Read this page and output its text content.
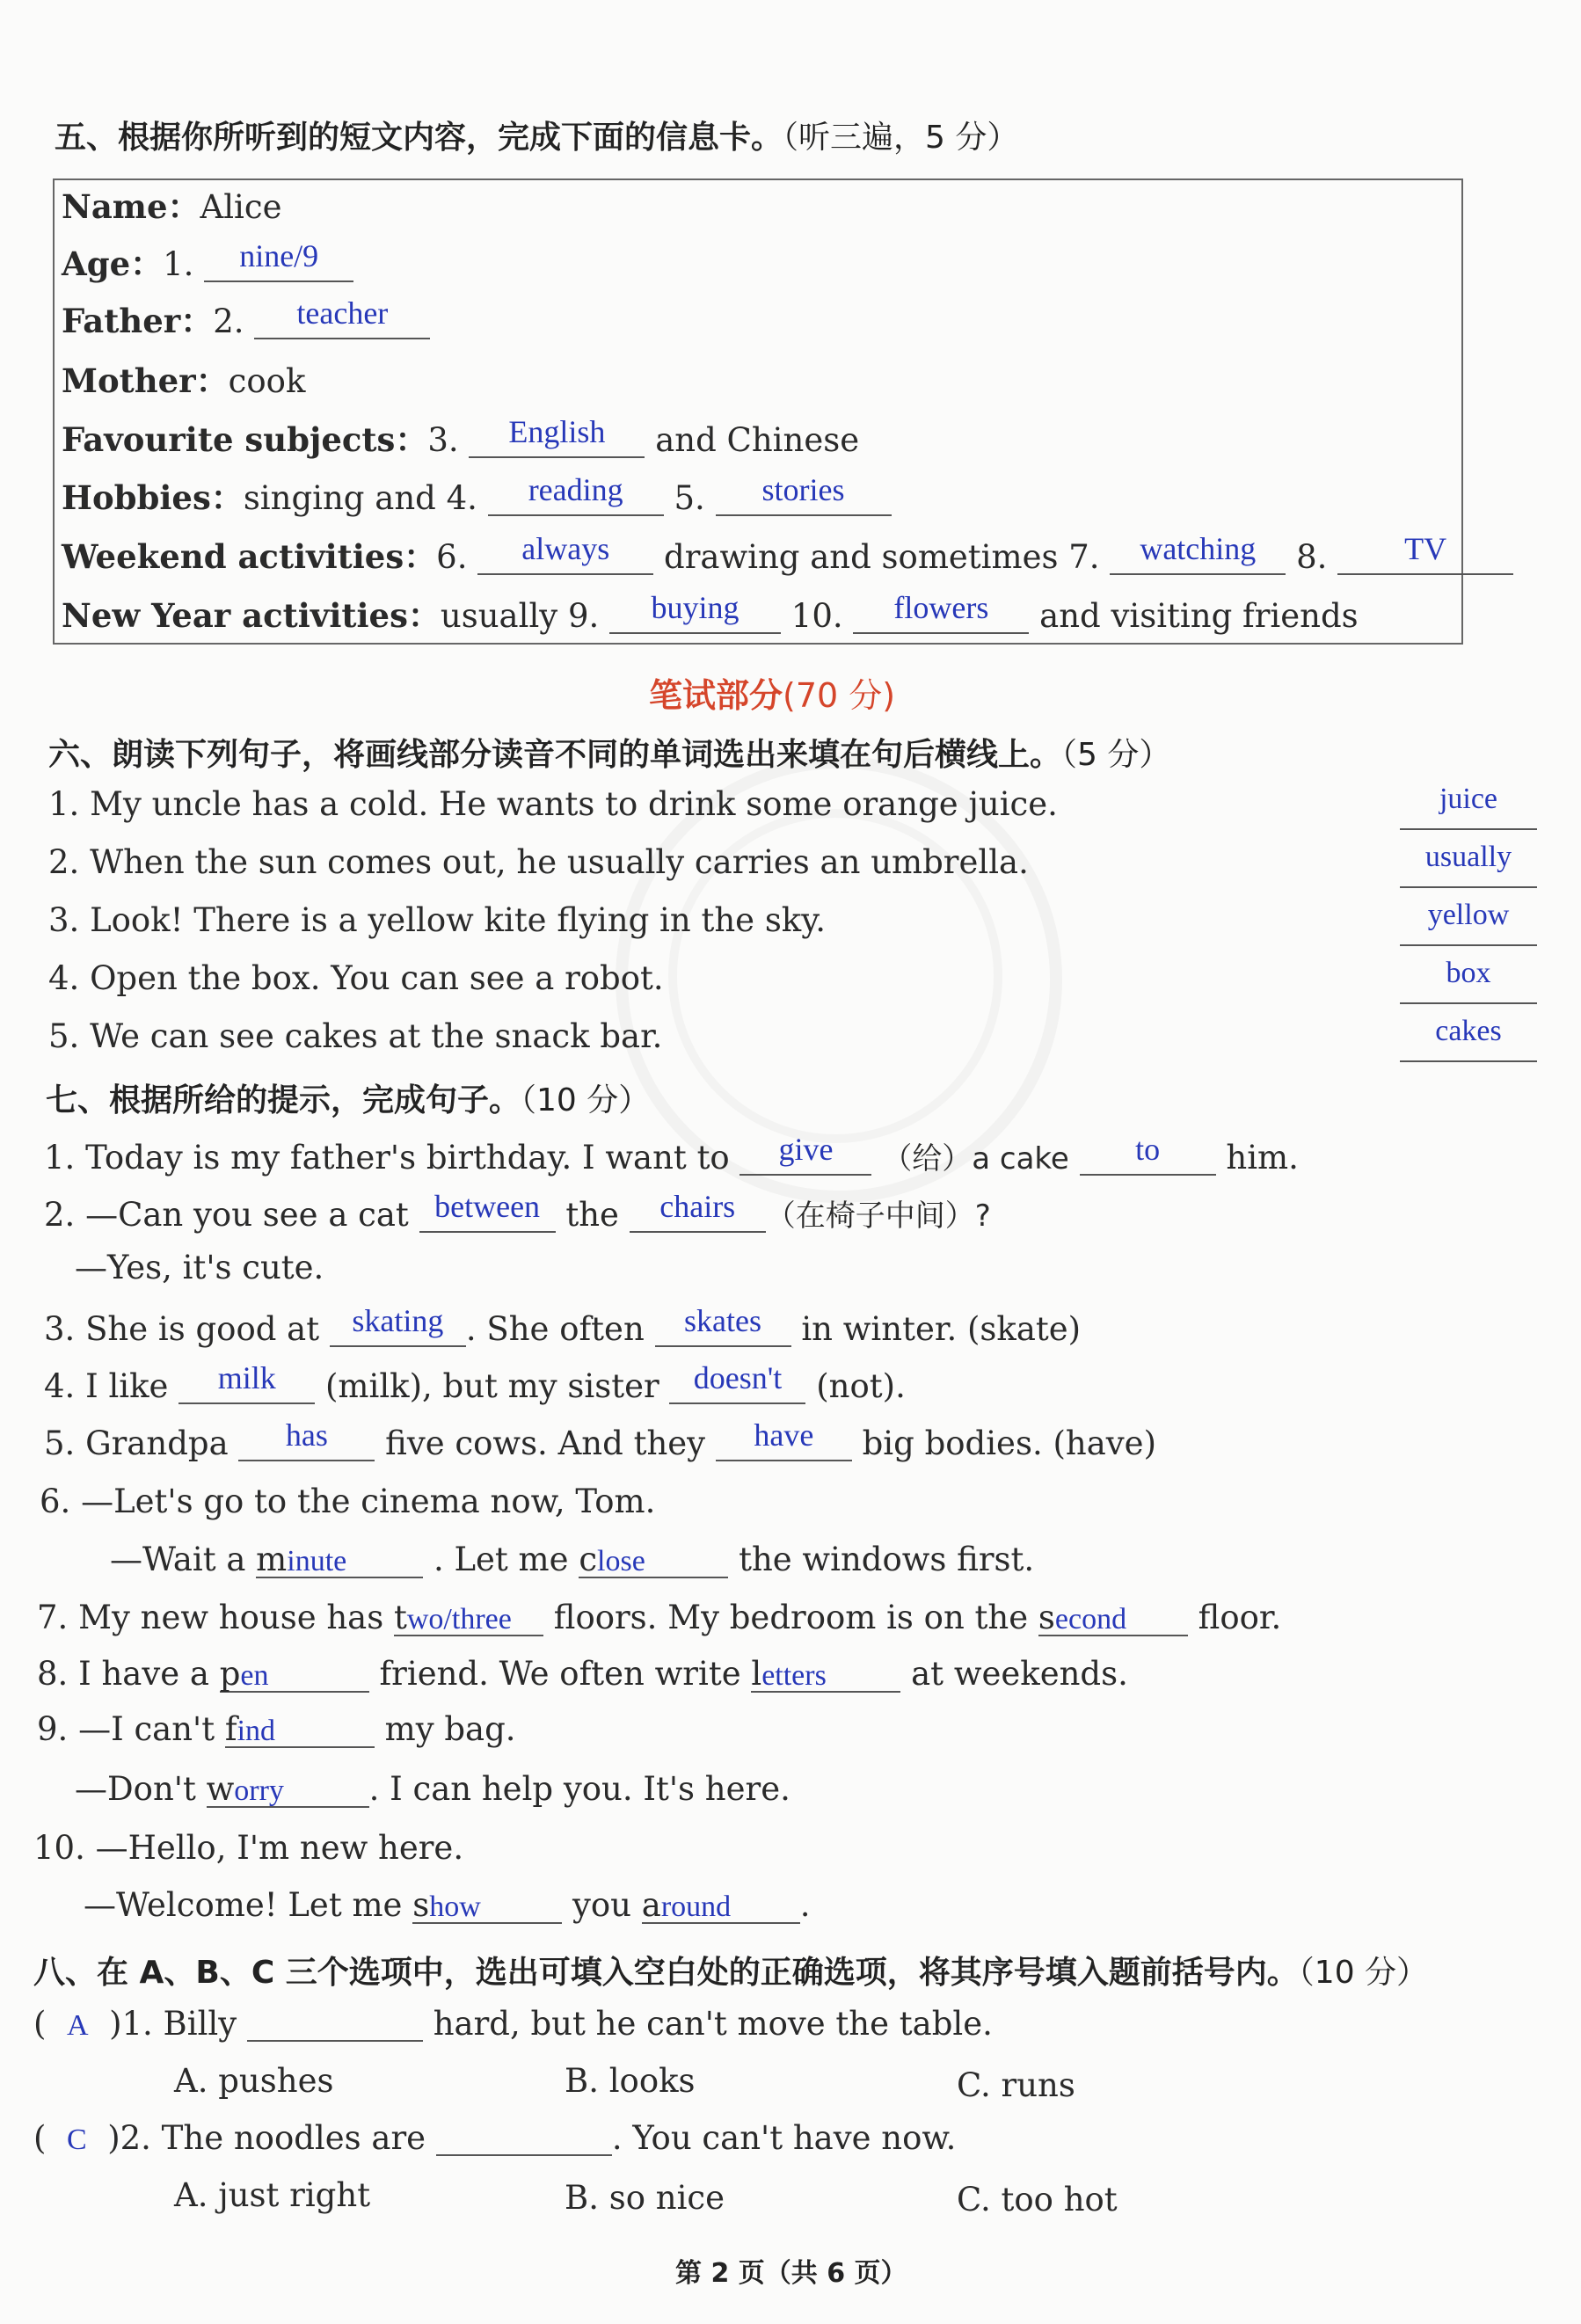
五、根据你所听到的短文内容，完成下面的信息卡。（听三遍，5 分）
Name：Alice
Age：1. nine/9
Father：2. teacher
Mother：cook
Favourite subjects：3. English and Chinese
Hobbies：singing and 4. reading 5. stories
Weekend activities：6. always drawing and sometimes 7. watching 8. TV
New Year activities：usually 9. buying 10. flowers and visiting friends
笔试部分(70 分)
六、朗读下列句子，将画线部分读音不同的单词选出来填在句后横线上。（5 分）
1. My uncle has a cold. He wants to drink some orange juice.
2. When the sun comes out, he usually carries an umbrella.
3. Look! There is a yellow kite flying in the sky.
4. Open the box. You can see a robot.
5. We can see cakes at the snack bar.
juice
usually
yellow
box
cakes
七、根据所给的提示，完成句子。（10 分）
1. Today is my father's birthday. I want to give （给）a cake to him.
2. —Can you see a cat between the chairs （在椅子中间）?
—Yes, it's cute.
3. She is good at skating . She often skates in winter. (skate)
4. I like milk (milk), but my sister doesn't (not).
5. Grandpa has five cows. And they have big bodies. (have)
6. —Let's go to the cinema now, Tom.
—Wait a minute	. Let me close	the windows first.
7. My new house has two/three floors. My bedroom is on the second floor.
8. I have a pen	friend. We often write letters	at weekends.
9. —I can't find	my bag.
—Don't worry	. I can help you. It's here.
10. —Hello, I'm new here.
—Welcome! Let me show	you around .
八、在 A、B、C 三个选项中，选出可填入空白处的正确选项，将其序号填入题前括号内。（10 分）
(  A )1. Billy	hard, but he can't move the table.
A. pushes	B. looks	C. runs
(  C )2. The noodles are	. You can't have now.
A. just right	B. so nice	C. too hot
第 2 页（共 6 页）
